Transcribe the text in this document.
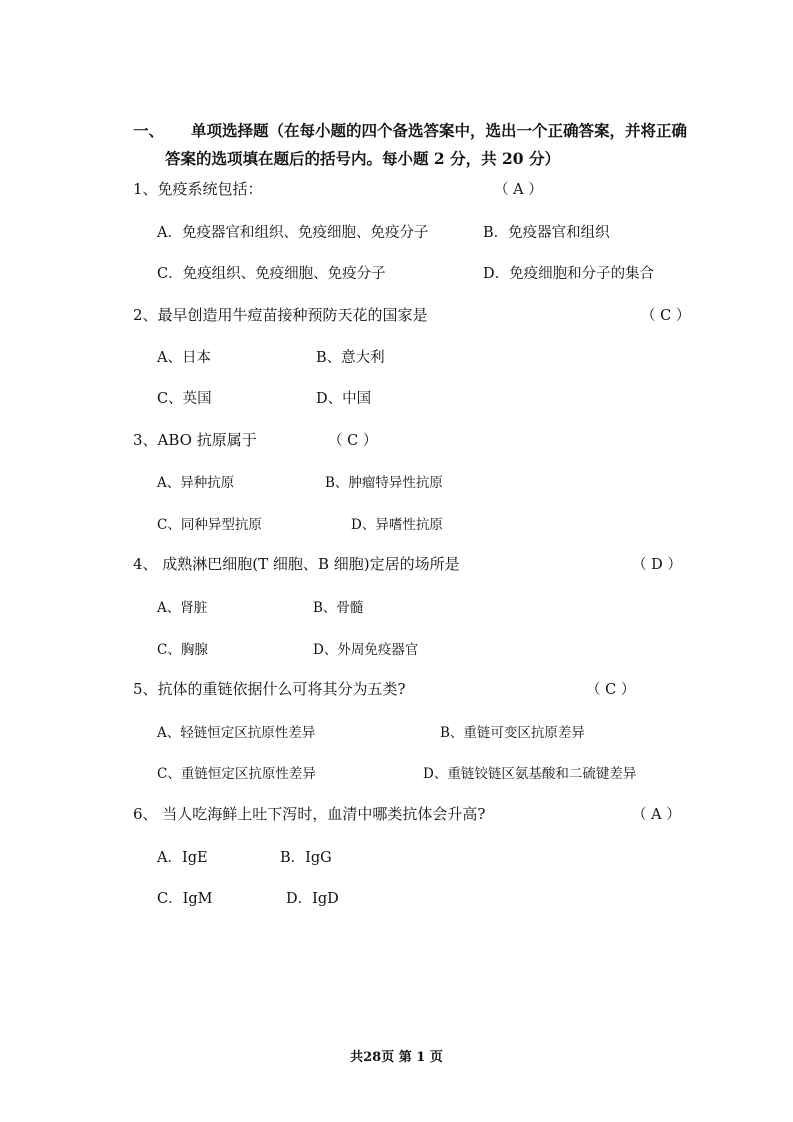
一、 单项选择题（在每小题的四个备选答案中，选出一个正确答案，并将正确
答案的选项填在题后的括号内。每小题 2 分，共 20 分）
1、免疫系统包括：	（ A ）
A．免疫器官和组织、免疫细胞、免疫分子	B．免疫器官和组织
C．免疫组织、免疫细胞、免疫分子	D．免疫细胞和分子的集合
2、最早创造用牛痘苗接种预防天花的国家是	（ C ）
A、日本	B、意大利
C、英国	D、中国
3、ABO 抗原属于	（ C ）
A、异种抗原	B、肿瘤特异性抗原
C、同种异型抗原	D、异嗜性抗原
4、 成熟淋巴细胞(T 细胞、B 细胞)定居的场所是	（ D ）
A、肾脏	B、骨髓
C、胸腺	D、外周免疫器官
5、抗体的重链依据什么可将其分为五类?	（ C ）
A、轻链恒定区抗原性差异	B、重链可变区抗原差异
C、重链恒定区抗原性差异	D、重链铰链区氨基酸和二硫键差异
6、 当人吃海鲜上吐下泻时，血清中哪类抗体会升高?	（ A ）
A．IgE	B．IgG
C．IgM	D．IgD
共28页 第 1 页
